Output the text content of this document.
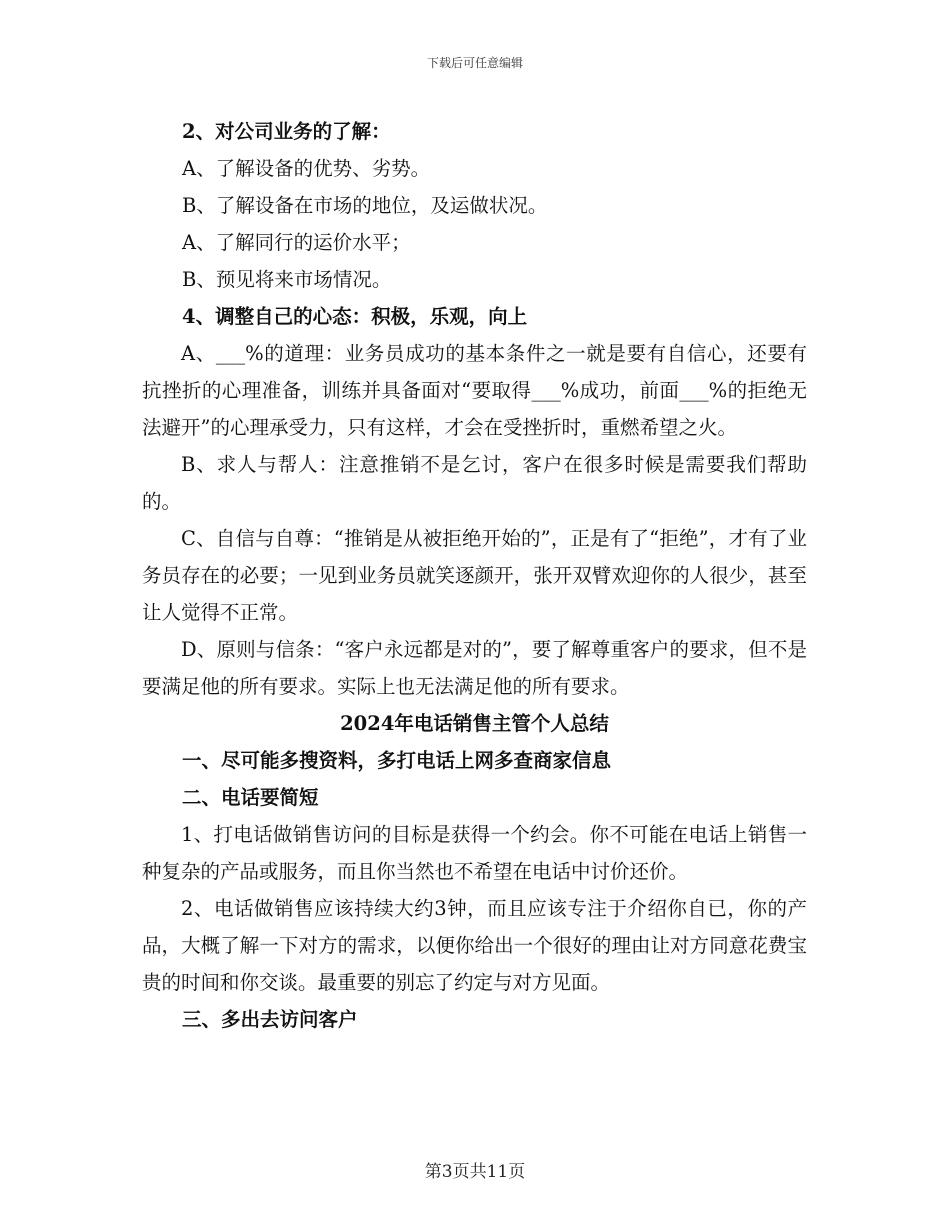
下载后可任意编辑
2、对公司业务的了解：
A、了解设备的优势、劣势。
B、了解设备在市场的地位，及运做状况。
A、了解同行的运价水平；
B、预见将来市场情况。
4、调整自己的心态：积极，乐观，向上
A、___%的道理：业务员成功的基本条件之一就是要有自信心，还要有抗挫折的心理准备，训练并具备面对“要取得___%成功，前面___%的拒绝无法避开”的心理承受力，只有这样，才会在受挫折时，重燃希望之火。
B、求人与帮人：注意推销不是乞讨，客户在很多时候是需要我们帮助的。
C、自信与自尊：“推销是从被拒绝开始的”，正是有了“拒绝”，才有了业务员存在的必要；一见到业务员就笑逐颜开，张开双臂欢迎你的人很少，甚至让人觉得不正常。
D、原则与信条：“客户永远都是对的”，要了解尊重客户的要求，但不是要满足他的所有要求。实际上也无法满足他的所有要求。
2024年电话销售主管个人总结
一、尽可能多搜资料，多打电话上网多查商家信息
二、电话要简短
1、打电话做销售访问的目标是获得一个约会。你不可能在电话上销售一种复杂的产品或服务，而且你当然也不希望在电话中讨价还价。
2、电话做销售应该持续大约3钟，而且应该专注于介绍你自已，你的产品，大概了解一下对方的需求，以便你给出一个很好的理由让对方同意花费宝贵的时间和你交谈。最重要的别忘了约定与对方见面。
三、多出去访问客户
第3页共11页
